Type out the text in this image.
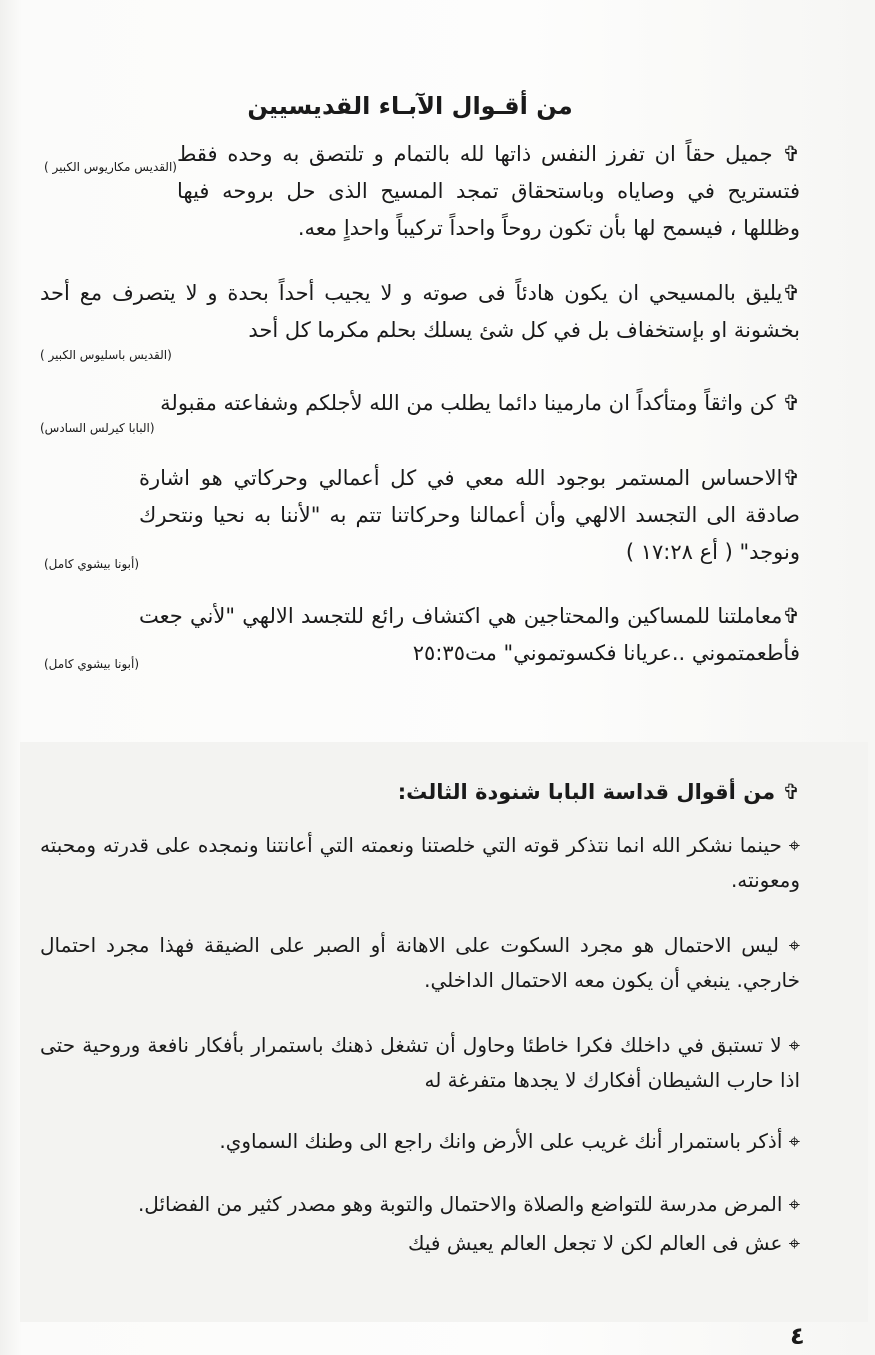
من أقـوال الآبـاء القديسيين

(القديس مكاريوس الكبير )
✞ جميل حقاً ان تفرز النفس ذاتها لله بالتمام و تلتصق به وحده فقط فتستريح في وصاياه وباستحقاق تمجد المسيح الذى حل بروحه فيها وظللها ، فيسمح لها بأن تكون روحاً واحداً تركيباً واحداٍ معه.

✞يليق بالمسيحي ان يكون هادئاً فى صوته و لا يجيب أحداً بحدة و لا يتصرف مع أحد بخشونة او بإستخفاف بل في كل شئ يسلك بحلم مكرما كل أحد
(القديس باسليوس الكبير )

✞ كن واثقاً ومتأكداً ان مارمينا دائما يطلب من الله لأجلكم وشفاعته مقبولة
(البابا كيرلس السادس)

(أبونا بيشوي كامل)
✞الاحساس المستمر بوجود الله معي في كل أعمالي وحركاتي هو اشارة صادقة الى التجسد الالهي وأن أعمالنا وحركاتنا تتم به "لأننا به نحيا ونتحرك ونوجد" ( أع ١٧:٢٨ )

(أبونا بيشوي كامل)
✞معاملتنا للمساكين والمحتاجين هي اكتشاف رائع للتجسد الالهي "لأني جعت فأطعمتموني ..عريانا فكسوتموني" مت٢٥:٣٥

✞ من أقوال قداسة البابا شنودة الثالث:

⌖ حينما نشكر الله انما نتذكر قوته التي خلصتنا ونعمته التي أعانتنا ونمجده على قدرته ومحبته ومعونته.

⌖ ليس الاحتمال هو مجرد السكوت على الاهانة أو الصبر على الضيقة فهذا مجرد احتمال خارجي. ينبغي أن يكون معه الاحتمال الداخلي.

⌖ لا تستبق في داخلك فكرا خاطئا وحاول أن تشغل ذهنك باستمرار بأفكار نافعة وروحية حتى اذا حارب الشيطان أفكارك لا يجدها متفرغة له

⌖ أذكر باستمرار أنك غريب على الأرض وانك راجع الى وطنك السماوي.

⌖ المرض مدرسة للتواضع والصلاة والاحتمال والتوبة وهو مصدر كثير من الفضائل.

⌖ عش فى العالم لكن لا تجعل العالم يعيش فيك

٤
